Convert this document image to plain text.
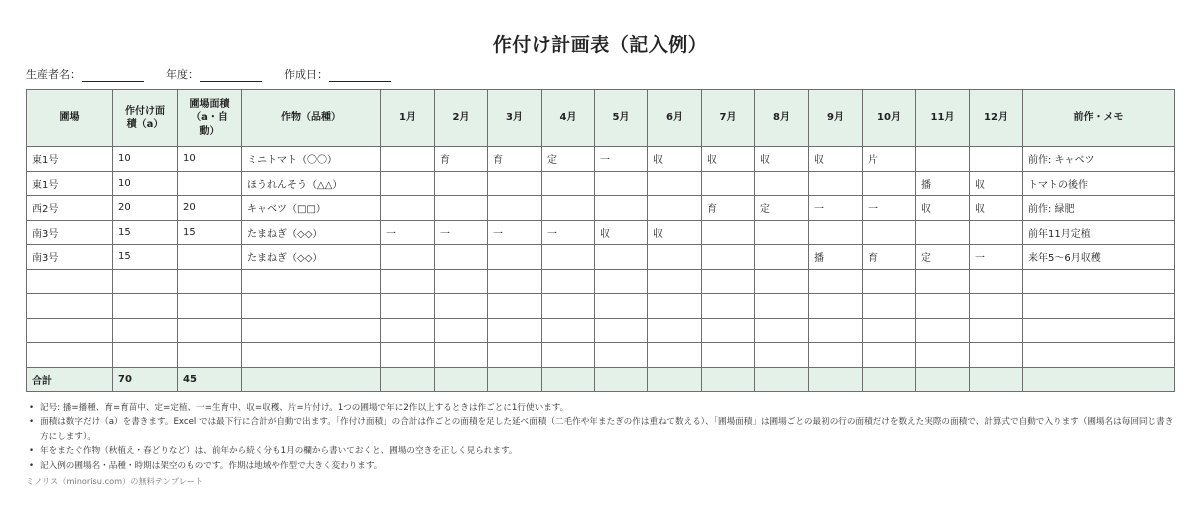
作付け計画表（記入例）
生産者名：	年度：	作成日：
圃場	作付け面積（a）	圃場面積（a・自動）	作物（品種）	1月	2月	3月	4月	5月	6月	7月	8月	9月	10月	11月	12月	前作・メモ
東1号	10	10	ミニトマト（〇〇）		育	育	定	一	収	収	収	収	片			前作: キャベツ
東1号	10		ほうれんそう（△△）											播	収	トマトの後作
西2号	20	20	キャベツ（□□）							育	定	一	一	収	収	前作: 緑肥
南3号	15	15	たまねぎ（◇◇）	一	一	一	一	収	収							前年11月定植
南3号	15		たまねぎ（◇◇）									播	育	定	一	来年5〜6月収穫

合計	70	45														
• 記号: 播=播種、育=育苗中、定=定植、一=生育中、収=収穫、片=片付け。1つの圃場で年に2作以上するときは作ごとに1行使います。
• 面積は数字だけ（a）を書きます。Excel では最下行に合計が自動で出ます。「作付け面積」の合計は作ごとの面積を足した延べ面積（二毛作や年またぎの作は重ねて数える）、「圃場面積」は圃場ごとの最初の行の面積だけを数えた実際の面積で、計算式で自動で入ります（圃場名は毎回同じ書き方にします）。
• 年をまたぐ作物（秋植え・春どりなど）は、前年から続く分も1月の欄から書いておくと、圃場の空きを正しく見られます。
• 記入例の圃場名・品種・時期は架空のものです。作期は地域や作型で大きく変わります。
ミノリス（minorisu.com）の無料テンプレート
